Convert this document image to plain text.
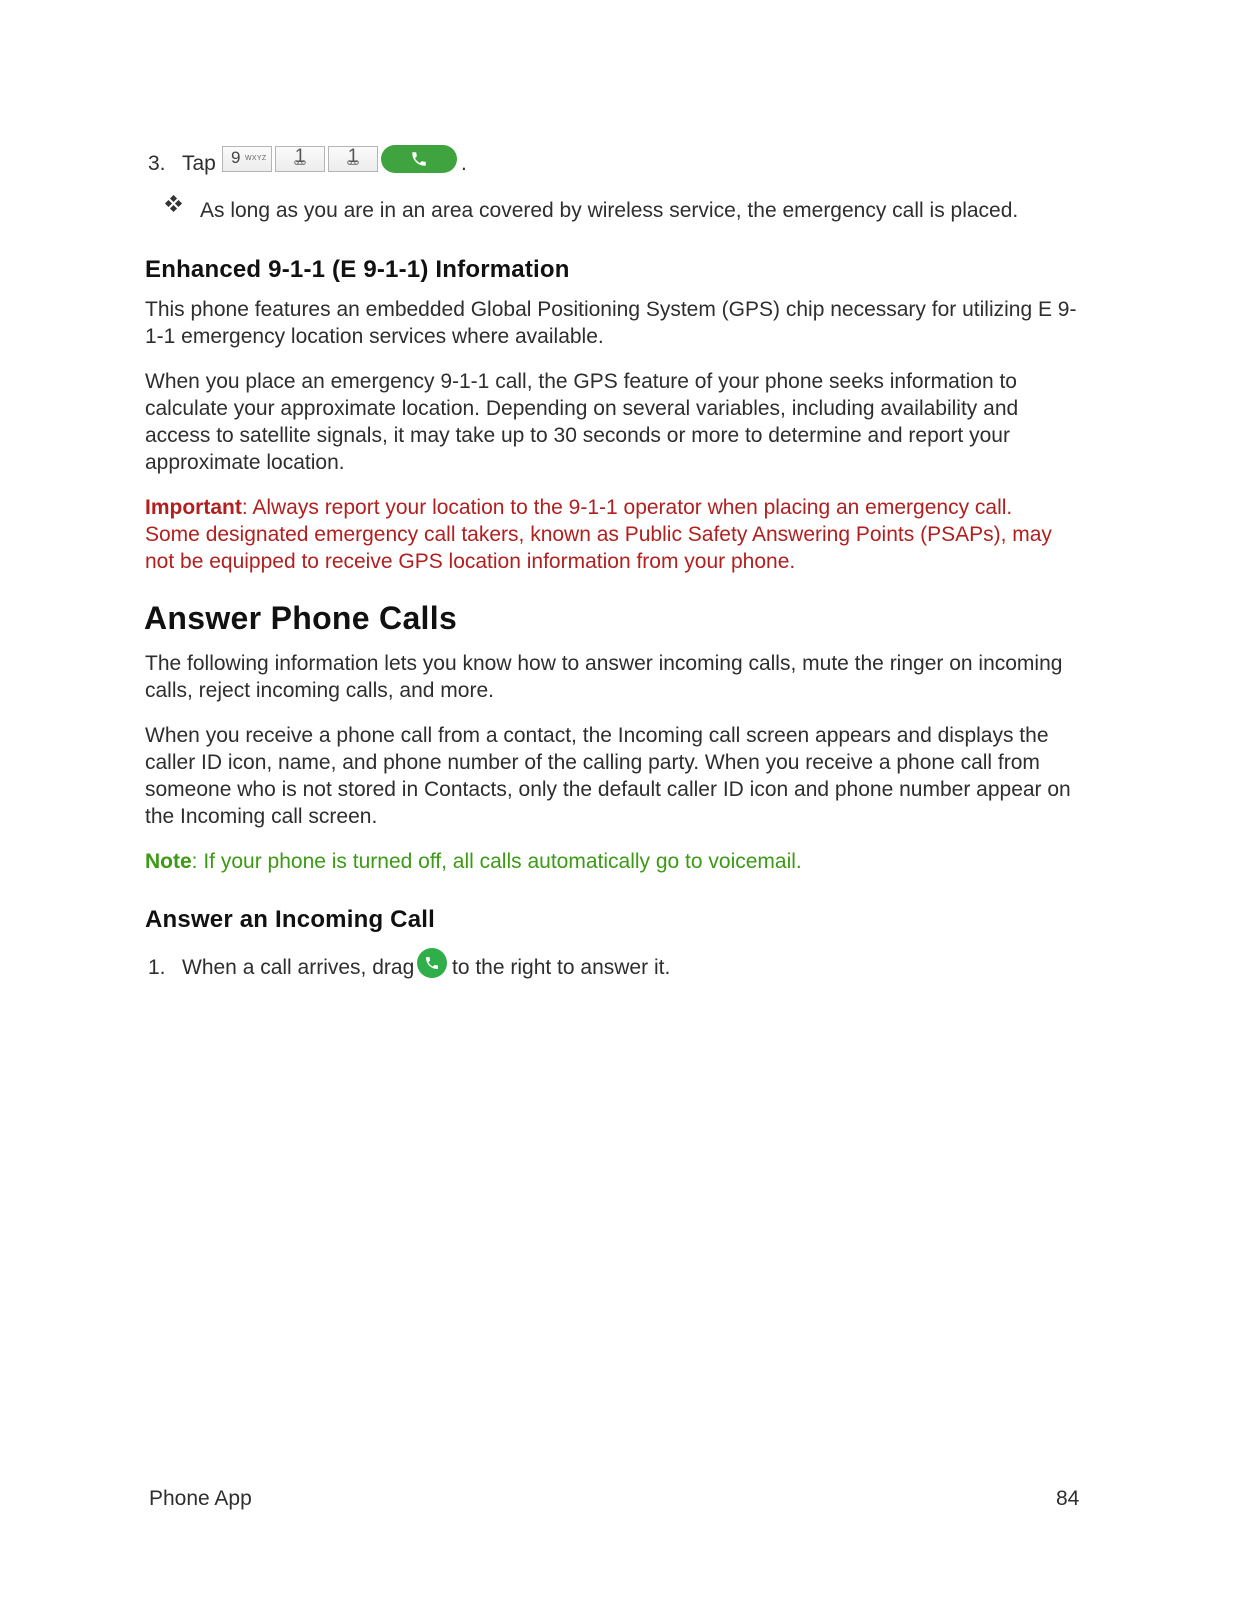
3. Tap 9 WXYZ	1	1	.

As long as you are in an area covered by wireless service, the emergency call is placed.

Enhanced 9-1-1 (E 9-1-1) Information

This phone features an embedded Global Positioning System (GPS) chip necessary for utilizing E 9-

1-1 emergency location services where available.

When you place an emergency 9-1-1 call, the GPS feature of your phone seeks information to

calculate your approximate location. Depending on several variables, including availability and

access to satellite signals, it may take up to 30 seconds or more to determine and report your

approximate location.

Important: Always report your location to the 9-1-1 operator when placing an emergency call.

Some designated emergency call takers, known as Public Safety Answering Points (PSAPs), may

not be equipped to receive GPS location information from your phone.

Answer Phone Calls

The following information lets you know how to answer incoming calls, mute the ringer on incoming

calls, reject incoming calls, and more.

When you receive a phone call from a contact, the Incoming call screen appears and displays the

caller ID icon, name, and phone number of the calling party. When you receive a phone call from

someone who is not stored in Contacts, only the default caller ID icon and phone number appear on

the Incoming call screen.

Note: If your phone is turned off, all calls automatically go to voicemail.

Answer an Incoming Call
1. When a call arrives, drag to the right to answer it.
Phone App	84
